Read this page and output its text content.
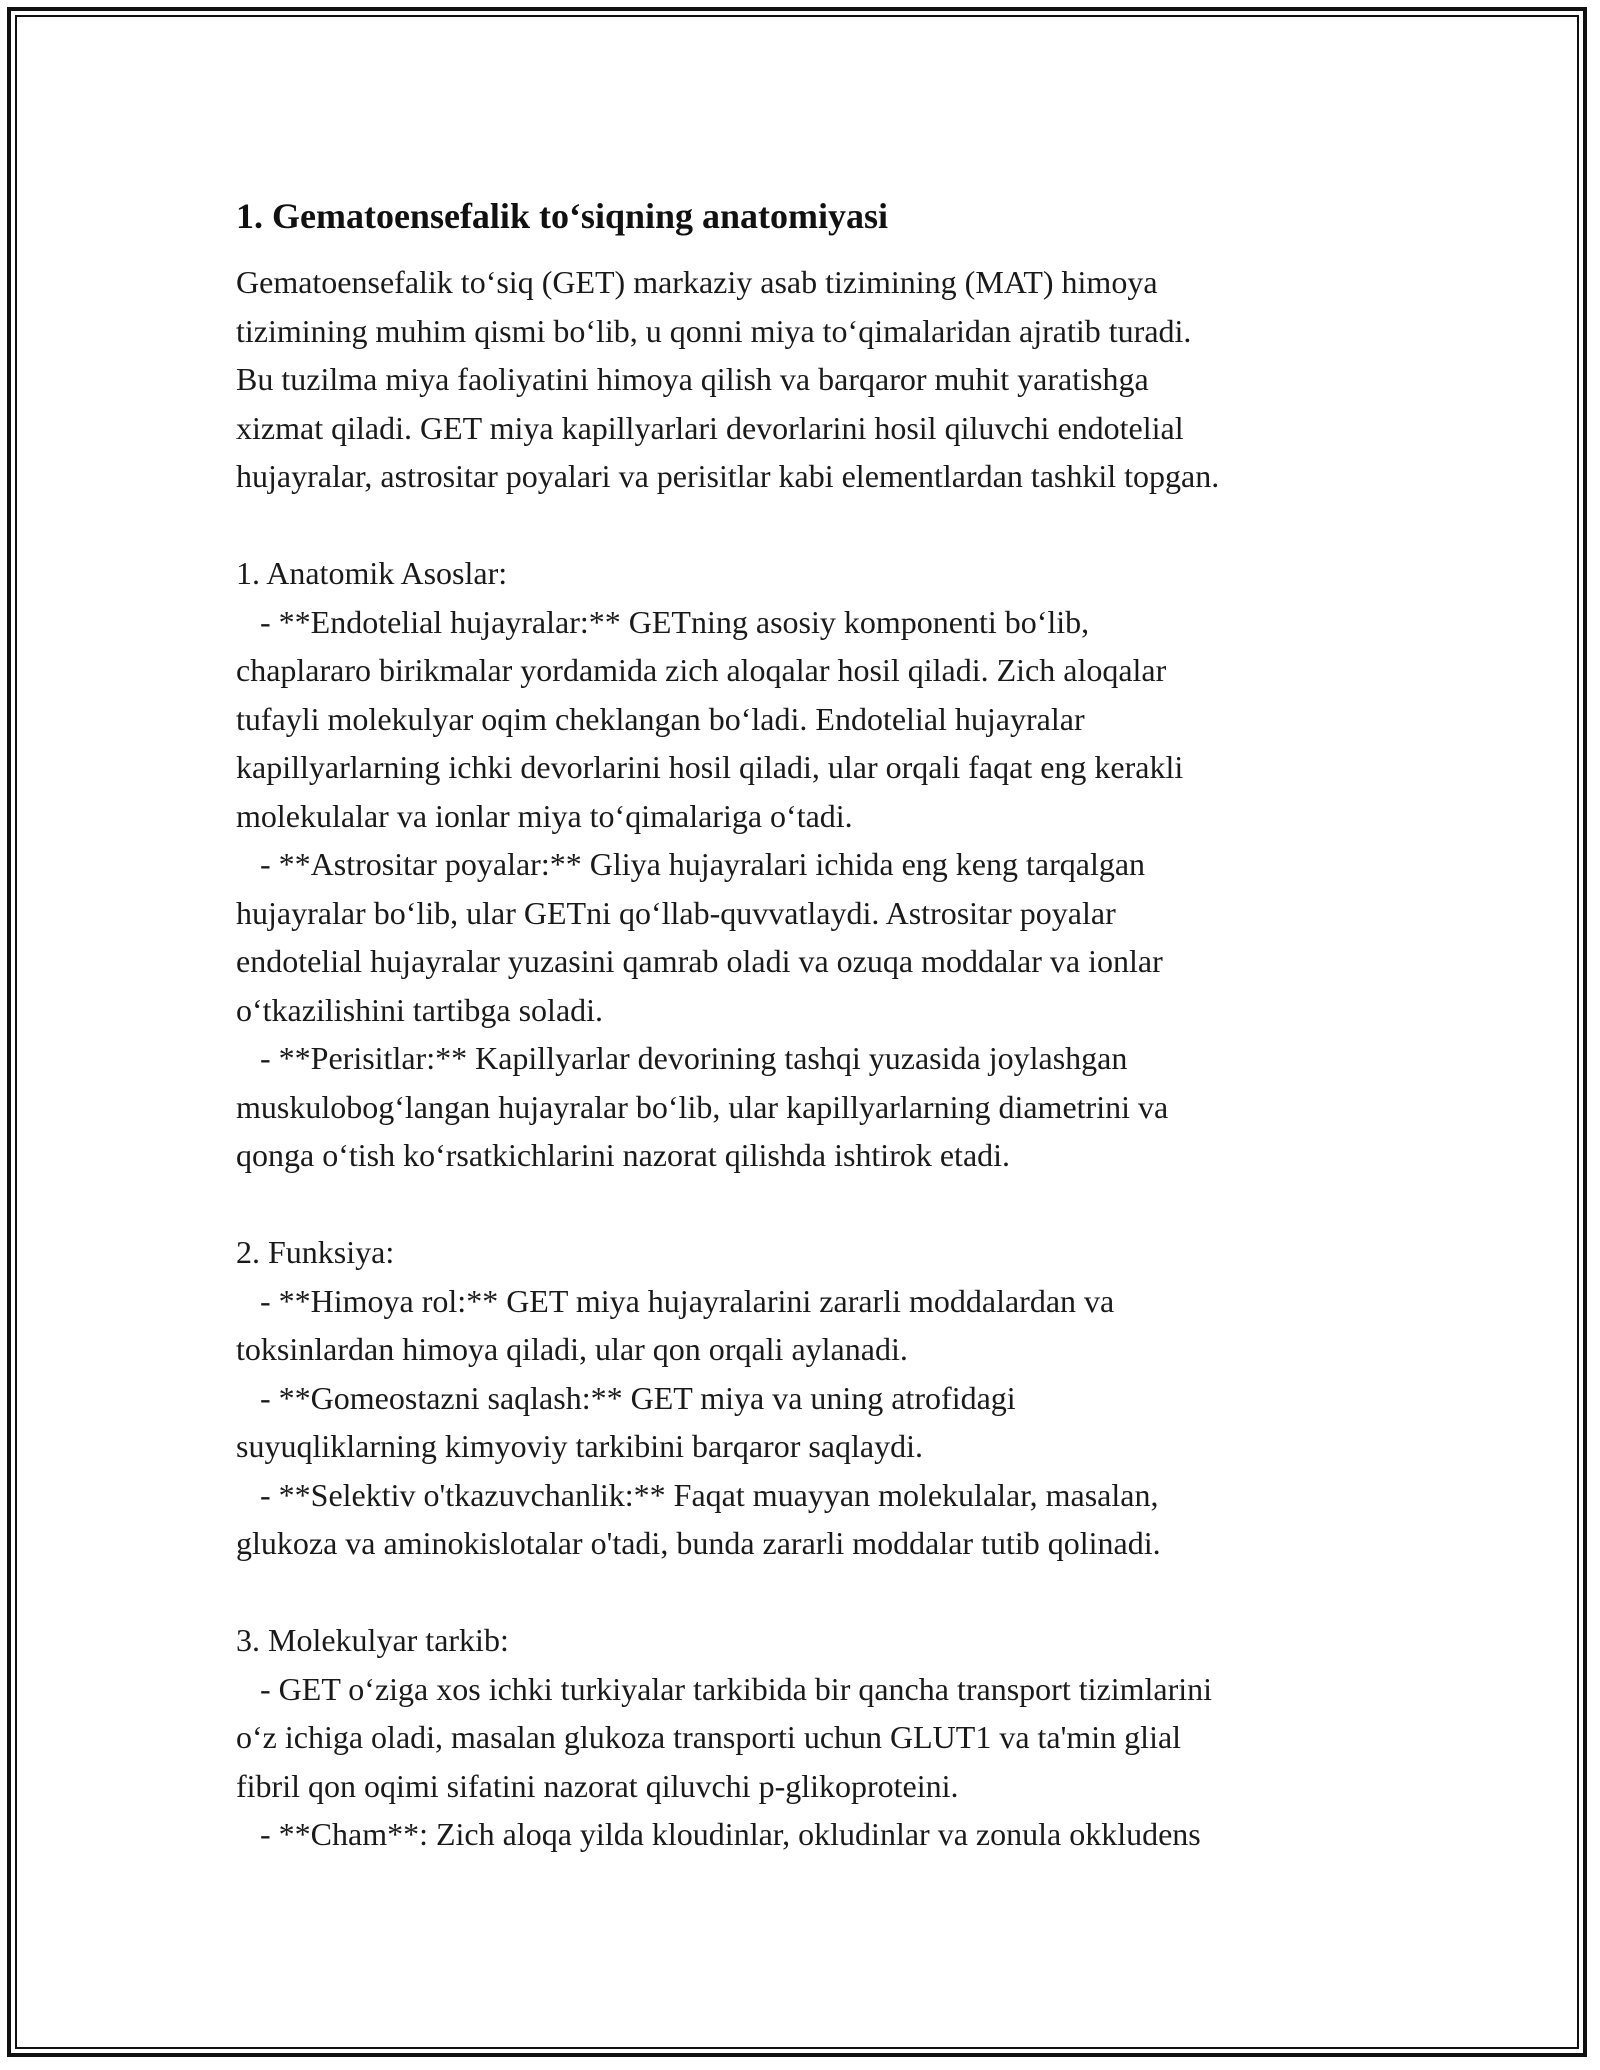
1. Gematoensefalik to‘siqning anatomiyasi

Gematoensefalik to‘siq (GET) markaziy asab tizimining (MAT) himoya
tizimining muhim qismi bo‘lib, u qonni miya to‘qimalaridan ajratib turadi.
Bu tuzilma miya faoliyatini himoya qilish va barqaror muhit yaratishga
xizmat qiladi. GET miya kapillyarlari devorlarini hosil qiluvchi endotelial
hujayralar, astrositar poyalari va perisitlar kabi elementlardan tashkil topgan.

1. Anatomik Asoslar:
- **Endotelial hujayralar:** GETning asosiy komponenti bo‘lib,
chaplararo birikmalar yordamida zich aloqalar hosil qiladi. Zich aloqalar
tufayli molekulyar oqim cheklangan bo‘ladi. Endotelial hujayralar
kapillyarlarning ichki devorlarini hosil qiladi, ular orqali faqat eng kerakli
molekulalar va ionlar miya to‘qimalariga o‘tadi.
- **Astrositar poyalar:** Gliya hujayralari ichida eng keng tarqalgan
hujayralar bo‘lib, ular GETni qo‘llab-quvvatlaydi. Astrositar poyalar
endotelial hujayralar yuzasini qamrab oladi va ozuqa moddalar va ionlar
o‘tkazilishini tartibga soladi.
- **Perisitlar:** Kapillyarlar devorining tashqi yuzasida joylashgan
muskulobog‘langan hujayralar bo‘lib, ular kapillyarlarning diametrini va
qonga o‘tish ko‘rsatkichlarini nazorat qilishda ishtirok etadi.

2. Funksiya:
- **Himoya rol:** GET miya hujayralarini zararli moddalardan va
toksinlardan himoya qiladi, ular qon orqali aylanadi.
- **Gomeostazni saqlash:** GET miya va uning atrofidagi
suyuqliklarning kimyoviy tarkibini barqaror saqlaydi.
- **Selektiv o'tkazuvchanlik:** Faqat muayyan molekulalar, masalan,
glukoza va aminokislotalar o'tadi, bunda zararli moddalar tutib qolinadi.

3. Molekulyar tarkib:
- GET o‘ziga xos ichki turkiyalar tarkibida bir qancha transport tizimlarini
o‘z ichiga oladi, masalan glukoza transporti uchun GLUT1 va ta'min glial
fibril qon oqimi sifatini nazorat qiluvchi p-glikoproteini.
- **Cham**: Zich aloqa yilda kloudinlar, okludinlar va zonula okkludens
